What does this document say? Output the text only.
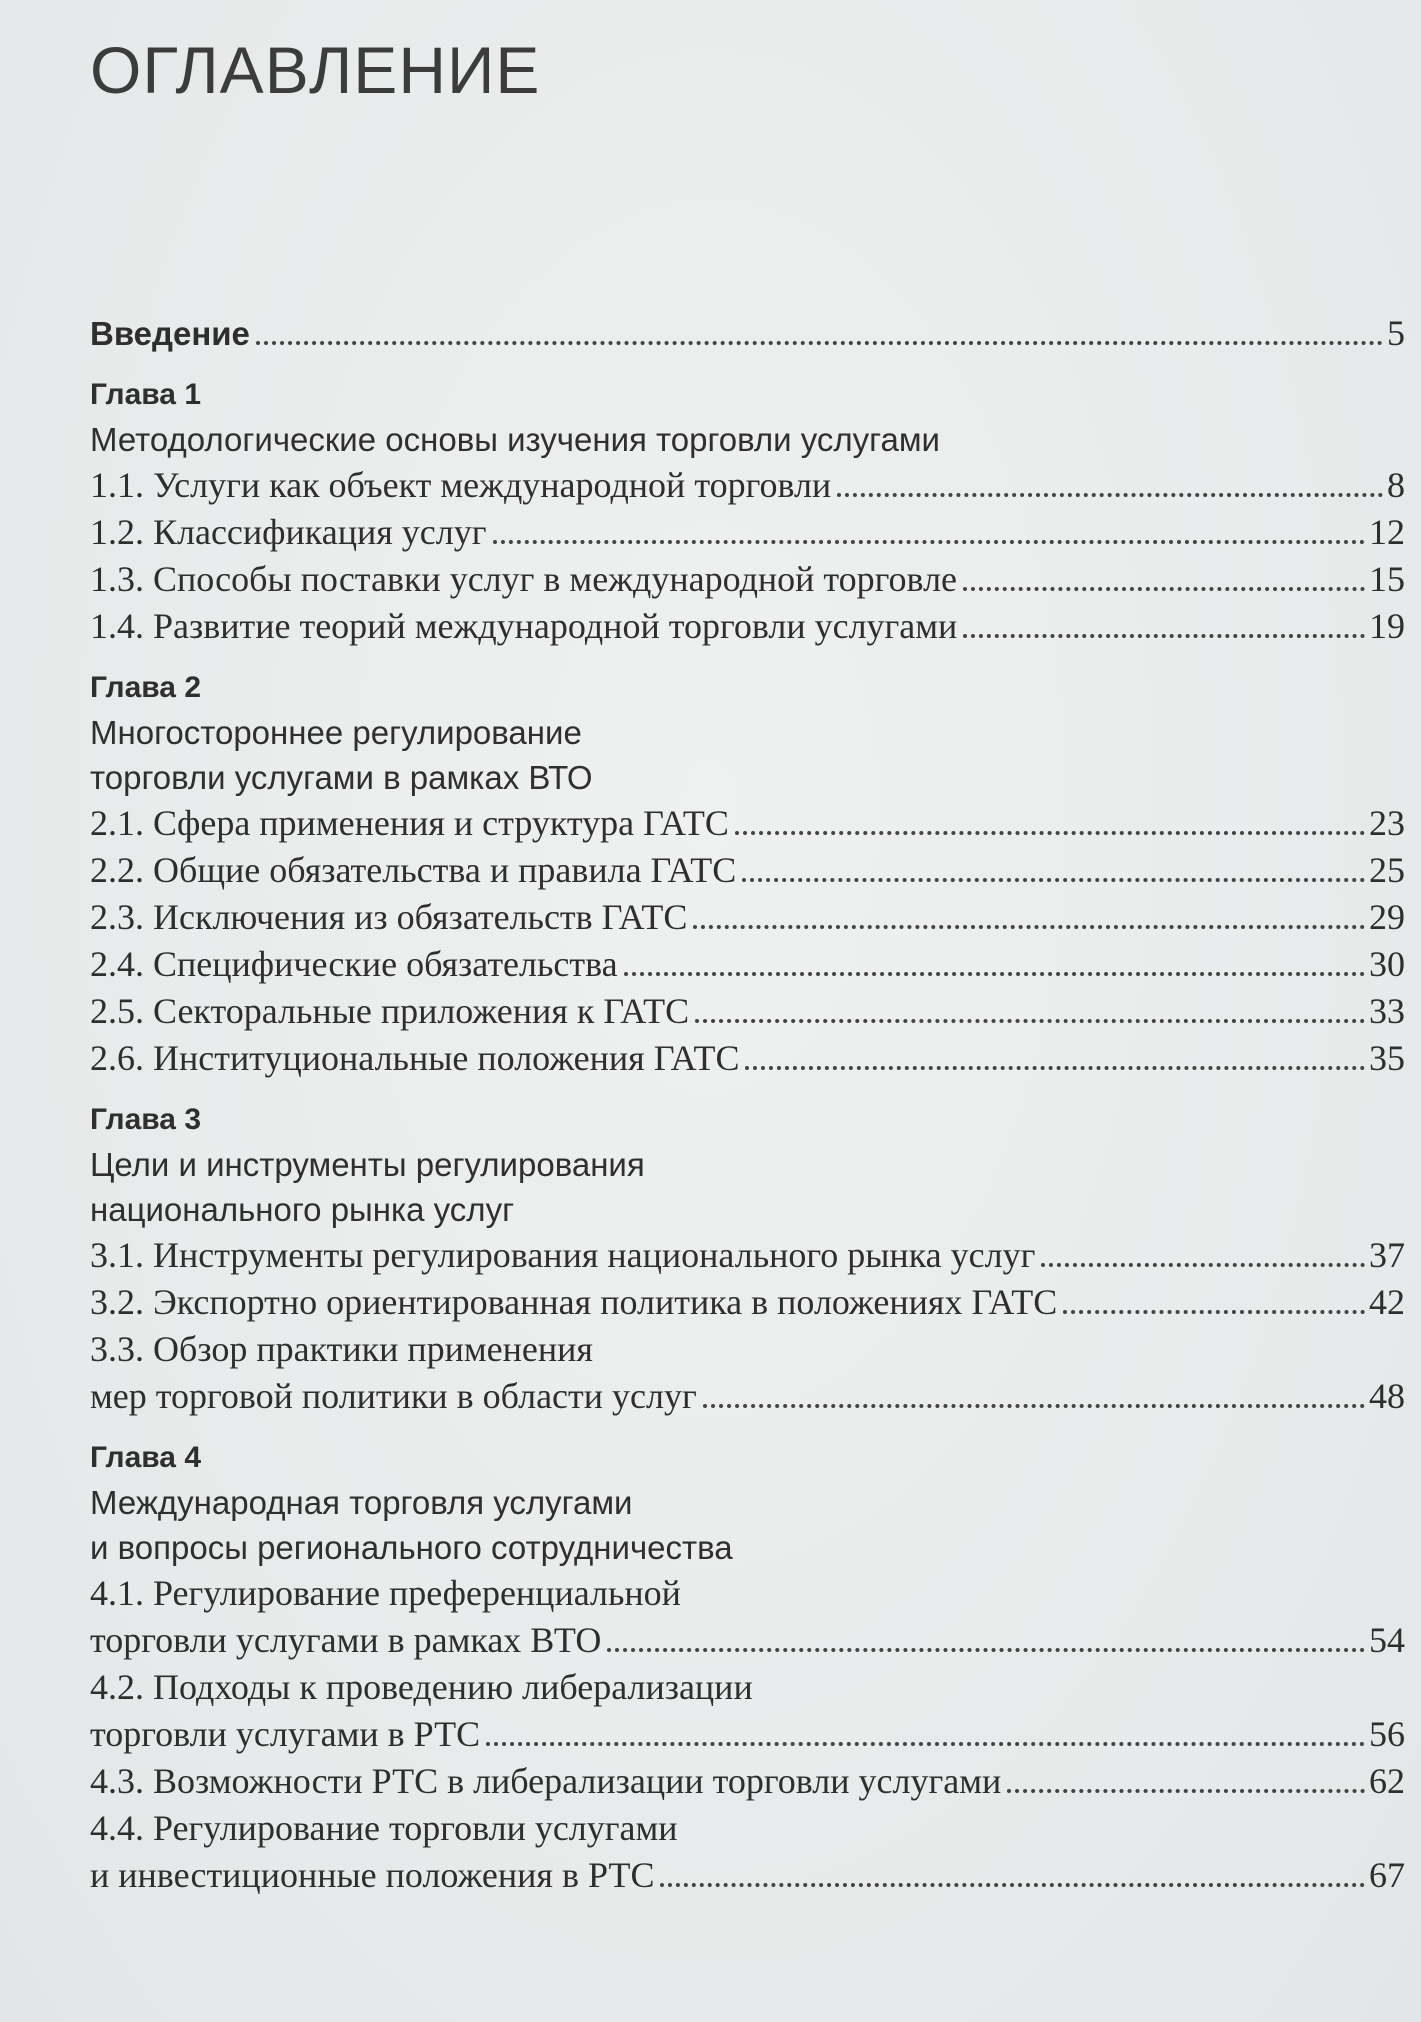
ОГЛАВЛЕНИЕ
Введение	5
Глава 1
Методологические основы изучения торговли услугами
1.1. Услуги как объект международной торговли	8
1.2. Классификация услуг	12
1.3. Способы поставки услуг в международной торговле	15
1.4. Развитие теорий международной торговли услугами	19
Глава 2
Многостороннее регулирование
торговли услугами в рамках ВТО
2.1. Сфера применения и структура ГАТС	23
2.2. Общие обязательства и правила ГАТС	25
2.3. Исключения из обязательств ГАТС	29
2.4. Специфические обязательства	30
2.5. Секторальные приложения к ГАТС	33
2.6. Институциональные положения ГАТС	35
Глава 3
Цели и инструменты регулирования
национального рынка услуг
3.1. Инструменты регулирования национального рынка услуг	37
3.2. Экспортно ориентированная политика в положениях ГАТС	42
3.3. Обзор практики применения
мер торговой политики в области услуг	48
Глава 4
Международная торговля услугами
и вопросы регионального сотрудничества
4.1. Регулирование преференциальной
торговли услугами в рамках ВТО	54
4.2. Подходы к проведению либерализации
торговли услугами в РТС	56
4.3. Возможности РТС в либерализации торговли услугами	62
4.4. Регулирование торговли услугами
и инвестиционные положения в РТС	67
